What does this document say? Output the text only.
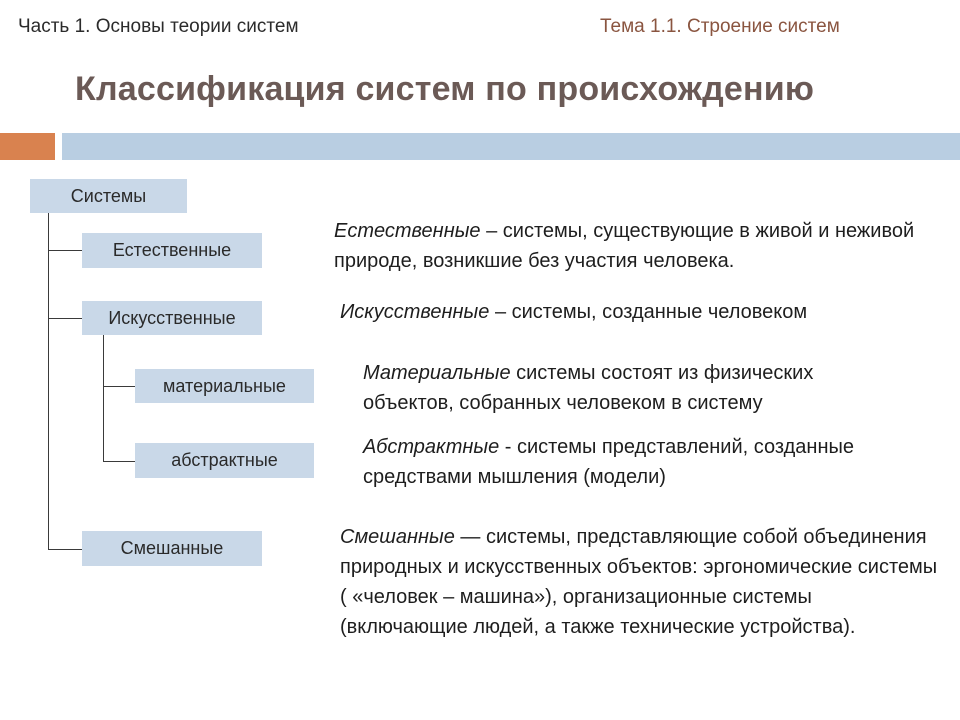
Часть 1. Основы теории систем	Тема 1.1. Строение систем
Классификация систем по происхождению
Системы
Естественные
Искусственные
материальные
абстрактные
Смешанные
Естественные – системы, существующие в живой и неживой природе, возникшие без участия человека.
Искусственные – системы, созданные человеком
Материальные системы состоят из физических объектов, собранных человеком в систему
Абстрактные - системы представлений, созданные средствами мышления (модели)
Смешанные — системы, представляющие собой объединения природных и искусственных объектов: эргономические системы ( «человек – машина»), организационные системы (включающие людей, а также технические устройства).
